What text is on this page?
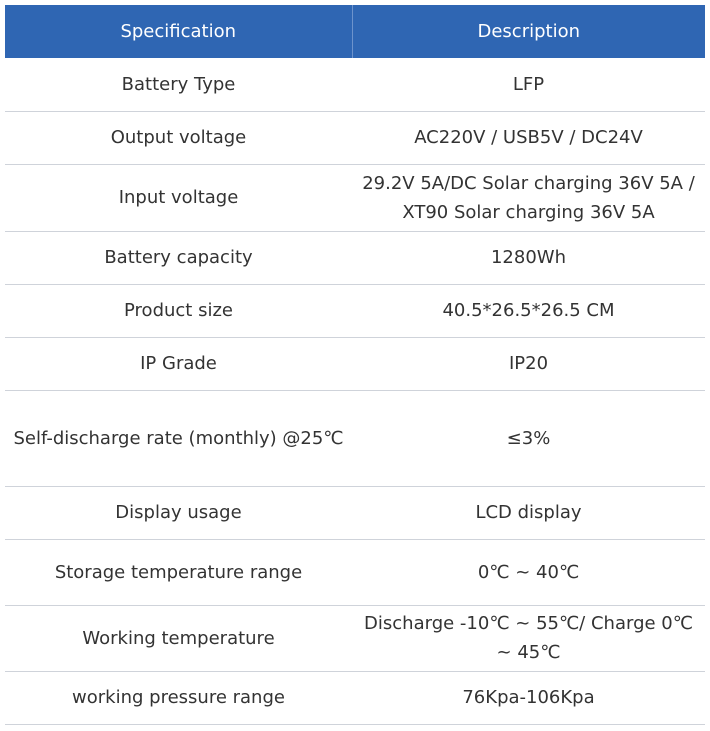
Specification	Description
Battery Type	LFP
Output voltage	AC220V / USB5V / DC24V
Input voltage	29.2V 5A/DC Solar charging 36V 5A / XT90 Solar charging 36V 5A
Battery capacity	1280Wh
Product size	40.5*26.5*26.5 CM
IP Grade	IP20
Self-discharge rate (monthly) @25℃	≤3%
Display usage	LCD display
Storage temperature range	0℃ ~ 40℃
Working temperature	Discharge -10℃ ~ 55℃/ Charge 0℃ ~ 45℃
working pressure range	76Kpa-106Kpa
